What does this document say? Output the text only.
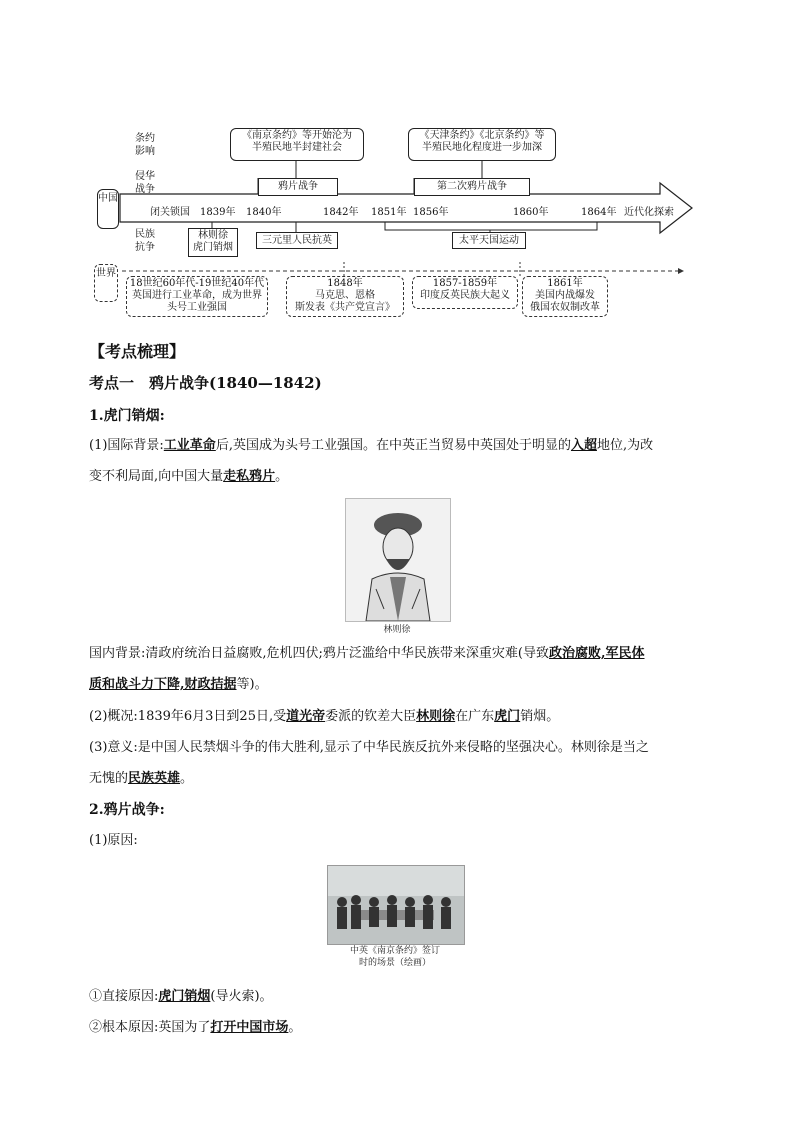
条约
影响
侵华
战争
民族
抗争
中国
世界
《南京条约》等开始沦为
半殖民地半封建社会
《天津条约》《北京条约》等
半殖民地化程度进一步加深
鸦片战争	第二次鸦片战争
闭关锁国 1839年 1840年	1842年 1851年 1856年	1860年	1864年 近代化探索
林则徐
虎门销烟
三元里人民抗英	太平天国运动
18世纪60年代-19世纪40年代
英国进行工业革命，成为世界
头号工业强国
1848年
马克思、恩格
斯发表《共产党宣言》
1857-1859年
印度反英民族大起义
1861年
美国内战爆发
俄国农奴制改革
【考点梳理】
考点一　鸦片战争(1840—1842)
1.虎门销烟:
(1)国际背景:工业革命后,英国成为头号工业强国。在中英正当贸易中英国处于明显的入超地位,为改
变不利局面,向中国大量走私鸦片。
林则徐
国内背景:清政府统治日益腐败,危机四伏;鸦片泛滥给中华民族带来深重灾难(导致政治腐败,军民体
质和战斗力下降,财政拮据等)。
(2)概况:1839年6月3日到25日,受道光帝委派的钦差大臣林则徐在广东虎门销烟。
(3)意义:是中国人民禁烟斗争的伟大胜利,显示了中华民族反抗外来侵略的坚强决心。林则徐是当之
无愧的民族英雄。
2.鸦片战争:
(1)原因:
中英《南京条约》签订
时的场景（绘画）
①直接原因:虎门销烟(导火索)。
②根本原因:英国为了打开中国市场。
